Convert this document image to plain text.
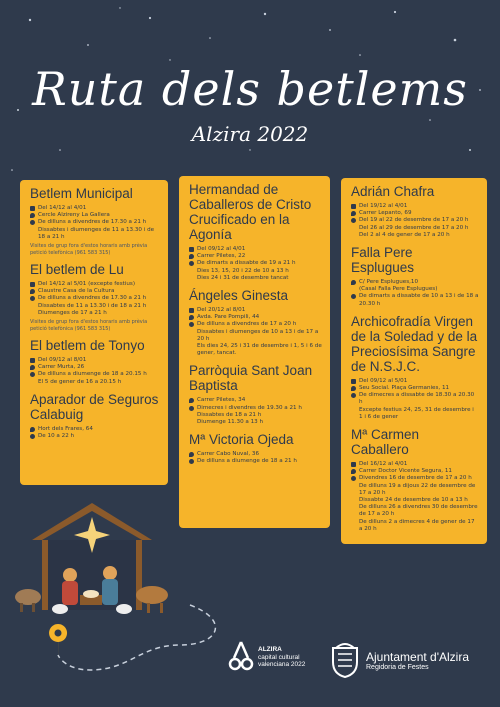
Ruta dels betlems
Alzira 2022
Betlem Municipal
Del 14/12 al 4/01
Cercle Alzireny La Gallera
De dilluns a divendres de 17.30 a 21 h
Dissabtes i diumenges de 11 a 13.30 i de 18 a 21 h
Visites de grup fora d'estos horaris amb prèvia petició telefònica (961 583 315)
El betlem de Lu
Del 14/12 al 5/01 (excepte festius)
Claustre Casa de la Cultura
De dilluns a divendres de 17.30 a 21 h
Dissabtes de 11 a 13.30 i de 18 a 21 h
Diumenges de 17 a 21 h
Visites de grup fora d'estos horaris amb prèvia petició telefònica (961 583 315)
El betlem de Tonyo
Del 09/12 al 8/01
Carrer Murta, 26
De dilluns a diumenge de 18 a 20.15 h
El 5 de gener de 16 a 20.15 h
Aparador de Seguros Calabuig
Hort dels Frares, 64
De 10 a 22 h
Hermandad de Caballeros de Cristo Crucificado en la Agonía
Del 09/12 al 4/01
Carrer Piletes, 22
De dimarts a dissabte de 19 a 21 h
Dies 13, 15, 20 i 22 de 10 a 13 h
Dies 24 i 31 de desembre tancat
Ángeles Ginesta
Del 20/12 al 8/01
Avda. Pare Pompili, 44
De dilluns a divendres de 17 a 20 h
Dissabtes i diumenges de 10 a 13 i de 17 a 20 h
Els dies 24, 25 i 31 de desembre i 1, 5 i 6 de gener, tancat.
Parròquia Sant Joan Baptista
Carrer Piletes, 34
Dimecres i divendres de 19.30 a 21 h
Dissabtes de 18 a 21 h
Diumenge 11.30 a 13 h
Mª Victoria Ojeda
Carrer Cabo Nuval, 36
De dilluns a diumenge de 18 a 21 h
Adrián Chafra
Del 19/12 al 4/01
Carrer Lepanto, 69
Del 19 al 22 de desembre de 17 a 20 h
Del 26 al 29 de desembre de 17 a 20 h
Del 2 al 4 de gener de 17 a 20 h
Falla Pere Esplugues
C/ Pere Esplugues,10
(Casal Falla Pere Esplugues)
De dimarts a dissabte de 10 a 13 i de 18 a 20.30 h
Archicofradía Virgen de la Soledad y de la Preciosísima Sangre de N.S.J.C.
Del 09/12 al 5/01
Seu Social. Plaça Germanies, 11
De dimecres a dissabte de 18.30 a 20.30 h
Excepte festius 24, 25, 31 de desembre i 1 i 6 de gener
Mª Carmen Caballero
Del 16/12 al 4/01
Carrer Doctor Vicente Segura, 11
Divendres 16 de desembre de 17 a 20 h
De dilluns 19 a dijous 22 de desembre de 17 a 20 h
Dissabte 24 de desembre de 10 a 13 h
De dilluns 26 a divendres 30 de desembre de 17 a 20 h
De dilluns 2 a dimecres 4 de gener de 17 a 20 h
ALZIRA
capital cultural
valenciana 2022
Ajuntament d'Alzira
Regidoria de Festes
